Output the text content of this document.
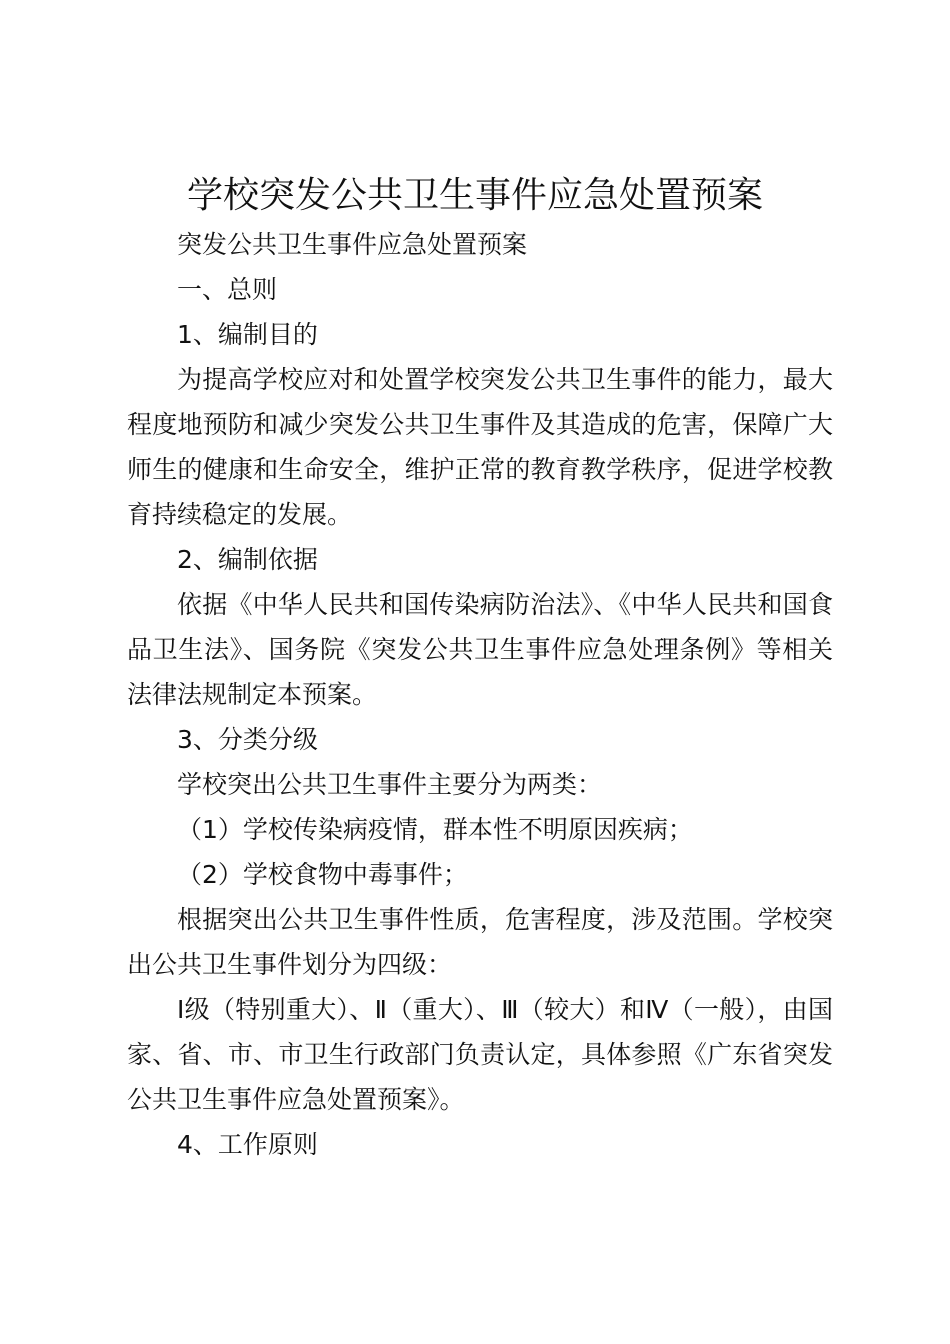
学校突发公共卫生事件应急处置预案

突发公共卫生事件应急处置预案

一、总则

1、编制目的

为提高学校应对和处置学校突发公共卫生事件的能力，最大程度地预防和减少突发公共卫生事件及其造成的危害，保障广大师生的健康和生命安全，维护正常的教育教学秩序，促进学校教育持续稳定的发展。

2、编制依据

依据《中华人民共和国传染病防治法》、《中华人民共和国食品卫生法》、国务院《突发公共卫生事件应急处理条例》等相关法律法规制定本预案。

3、分类分级

学校突出公共卫生事件主要分为两类：

（1）学校传染病疫情，群本性不明原因疾病；

（2）学校食物中毒事件；

根据突出公共卫生事件性质，危害程度，涉及范围。学校突出公共卫生事件划分为四级：

Ⅰ级（特别重大）、Ⅱ（重大）、Ⅲ（较大）和Ⅳ（一般），由国家、省、市、市卫生行政部门负责认定，具体参照《广东省突发公共卫生事件应急处置预案》。

4、工作原则
